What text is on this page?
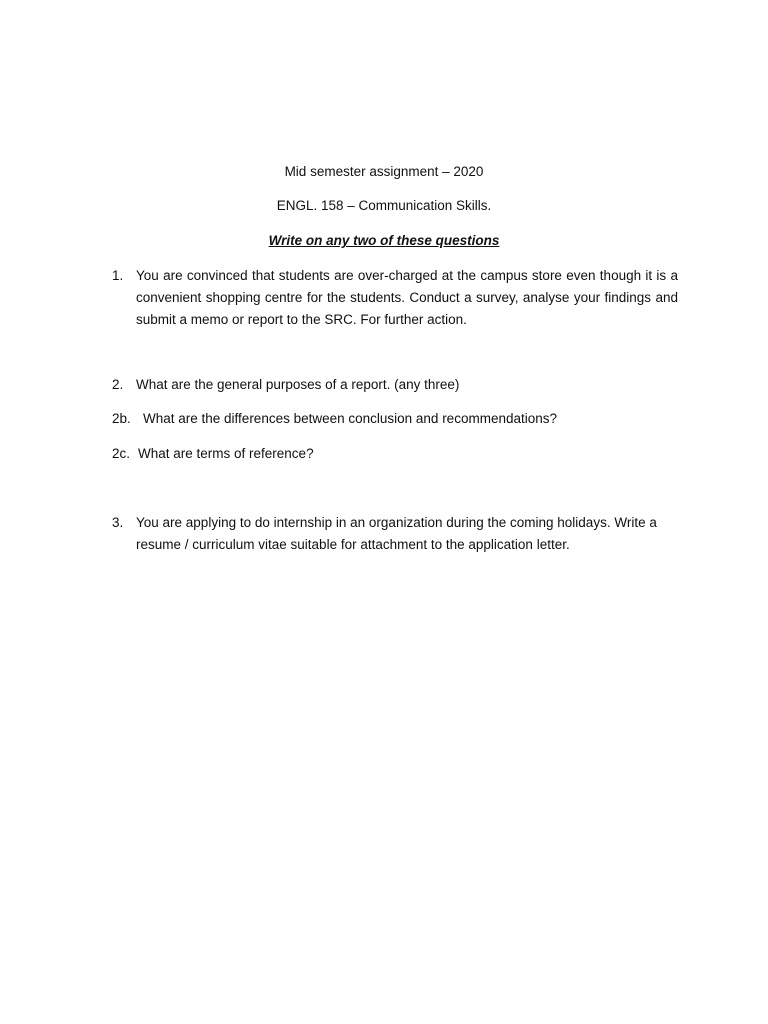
Mid semester assignment – 2020
ENGL. 158 – Communication Skills.
Write on any two of these questions
1. You are convinced that students are over-charged at the campus store even though it is a convenient shopping centre for the students. Conduct a survey, analyse your findings and submit a memo or report to the SRC. For further action.
2. What are the general purposes of a report. (any three)
2b. What are the differences between conclusion and recommendations?
2c. What are terms of reference?
3. You are applying to do internship in an organization during the coming holidays. Write a resume / curriculum vitae suitable for attachment to the application letter.
